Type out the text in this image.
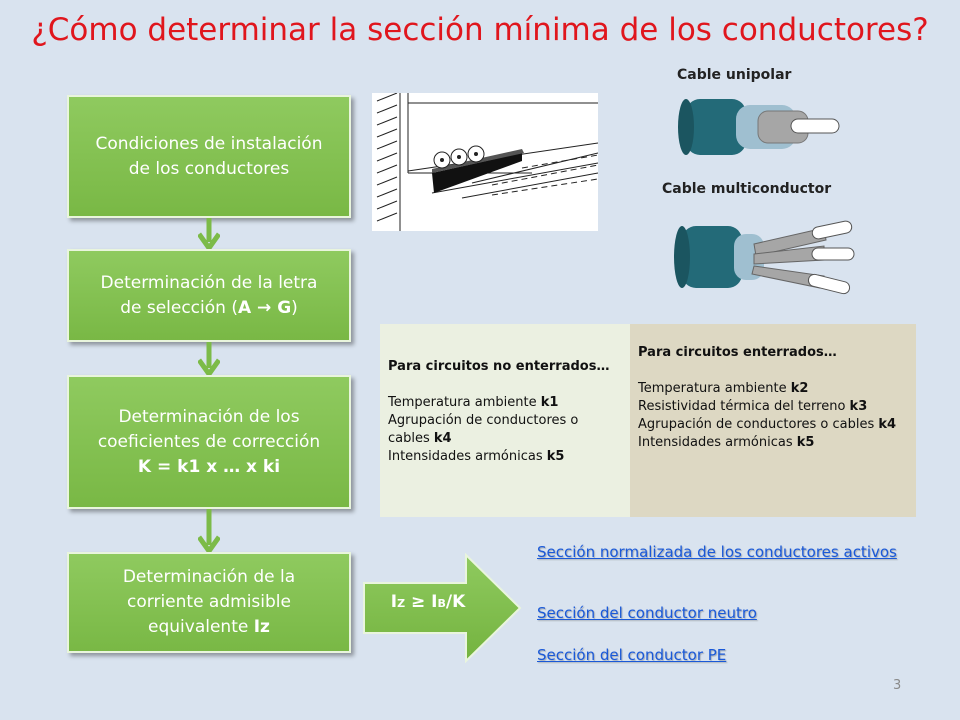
¿Cómo determinar la sección mínima de los conductores?
Condiciones de instalación
de los conductores
Determinación de la letra
de selección (A → G)
Determinación de los
coeficientes de corrección
K = k1 x … x ki
Determinación de la
corriente admisible
equivalente Iz
Cable unipolar
Cable multiconductor
Para circuitos no enterrados…
Temperatura ambiente k1
Agrupación de conductores o cables k4
Intensidades armónicas k5
Para circuitos enterrados…
Temperatura ambiente k2
Resistividad térmica del terreno k3
Agrupación de conductores o cables k4
Intensidades armónicas k5
IZ ≥ IB/K
Sección normalizada de los conductores activos
Sección del conductor neutro
Sección del conductor PE
3
